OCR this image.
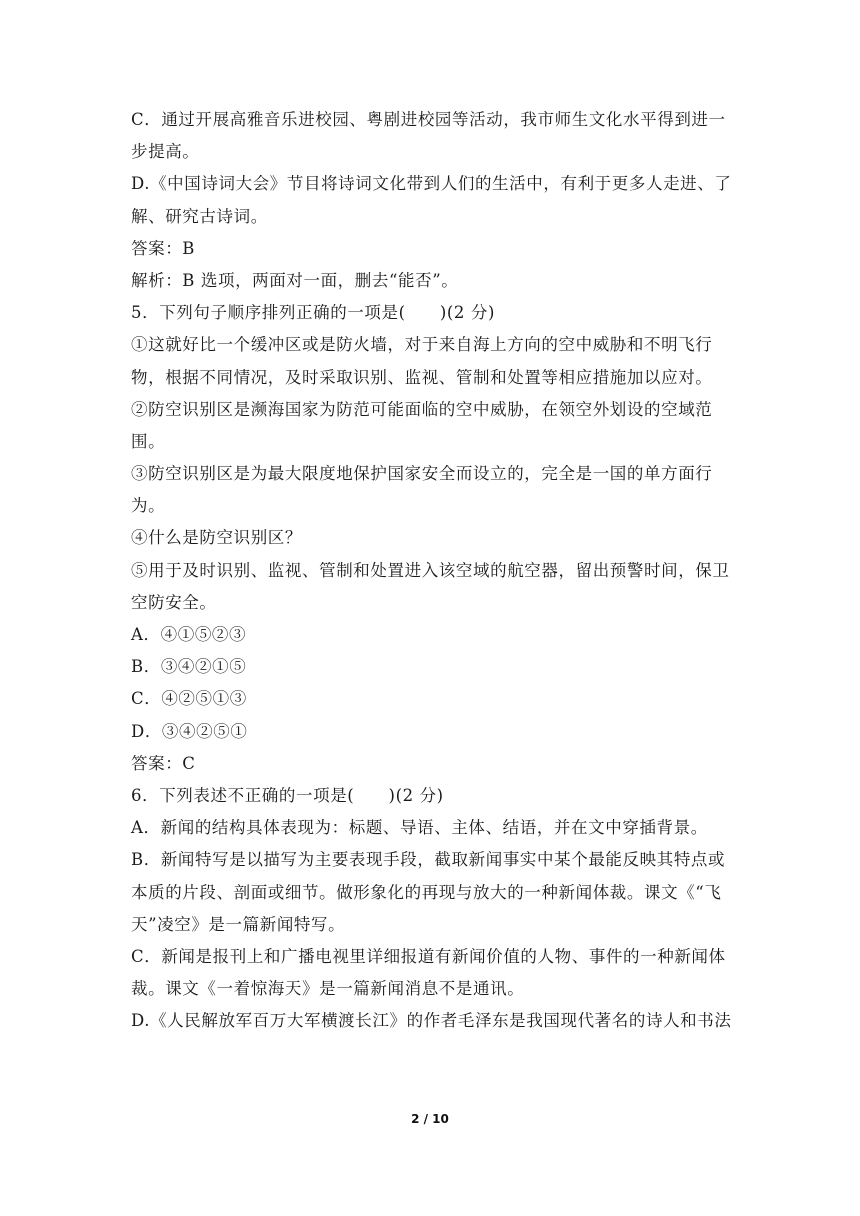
C．通过开展高雅音乐进校园、粤剧进校园等活动，我市师生文化水平得到进一
步提高。
D.《中国诗词大会》节目将诗词文化带到人们的生活中，有利于更多人走进、了
解、研究古诗词。
答案：B
解析：B 选项，两面对一面，删去“能否”。
5．下列句子顺序排列正确的一项是(　　)(2 分)
①这就好比一个缓冲区或是防火墙，对于来自海上方向的空中威胁和不明飞行
物，根据不同情况，及时采取识别、监视、管制和处置等相应措施加以应对。
②防空识别区是濒海国家为防范可能面临的空中威胁，在领空外划设的空域范
围。
③防空识别区是为最大限度地保护国家安全而设立的，完全是一国的单方面行
为。
④什么是防空识别区？
⑤用于及时识别、监视、管制和处置进入该空域的航空器，留出预警时间，保卫
空防安全。
A．④①⑤②③
B．③④②①⑤
C．④②⑤①③
D．③④②⑤①
答案：C
6．下列表述不正确的一项是(　　)(2 分)
A．新闻的结构具体表现为：标题、导语、主体、结语，并在文中穿插背景。
B．新闻特写是以描写为主要表现手段，截取新闻事实中某个最能反映其特点或
本质的片段、剖面或细节。做形象化的再现与放大的一种新闻体裁。课文《“飞
天”凌空》是一篇新闻特写。
C．新闻是报刊上和广播电视里详细报道有新闻价值的人物、事件的一种新闻体
裁。课文《一着惊海天》是一篇新闻消息不是通讯。
D.《人民解放军百万大军横渡长江》的作者毛泽东是我国现代著名的诗人和书法
2 / 10
